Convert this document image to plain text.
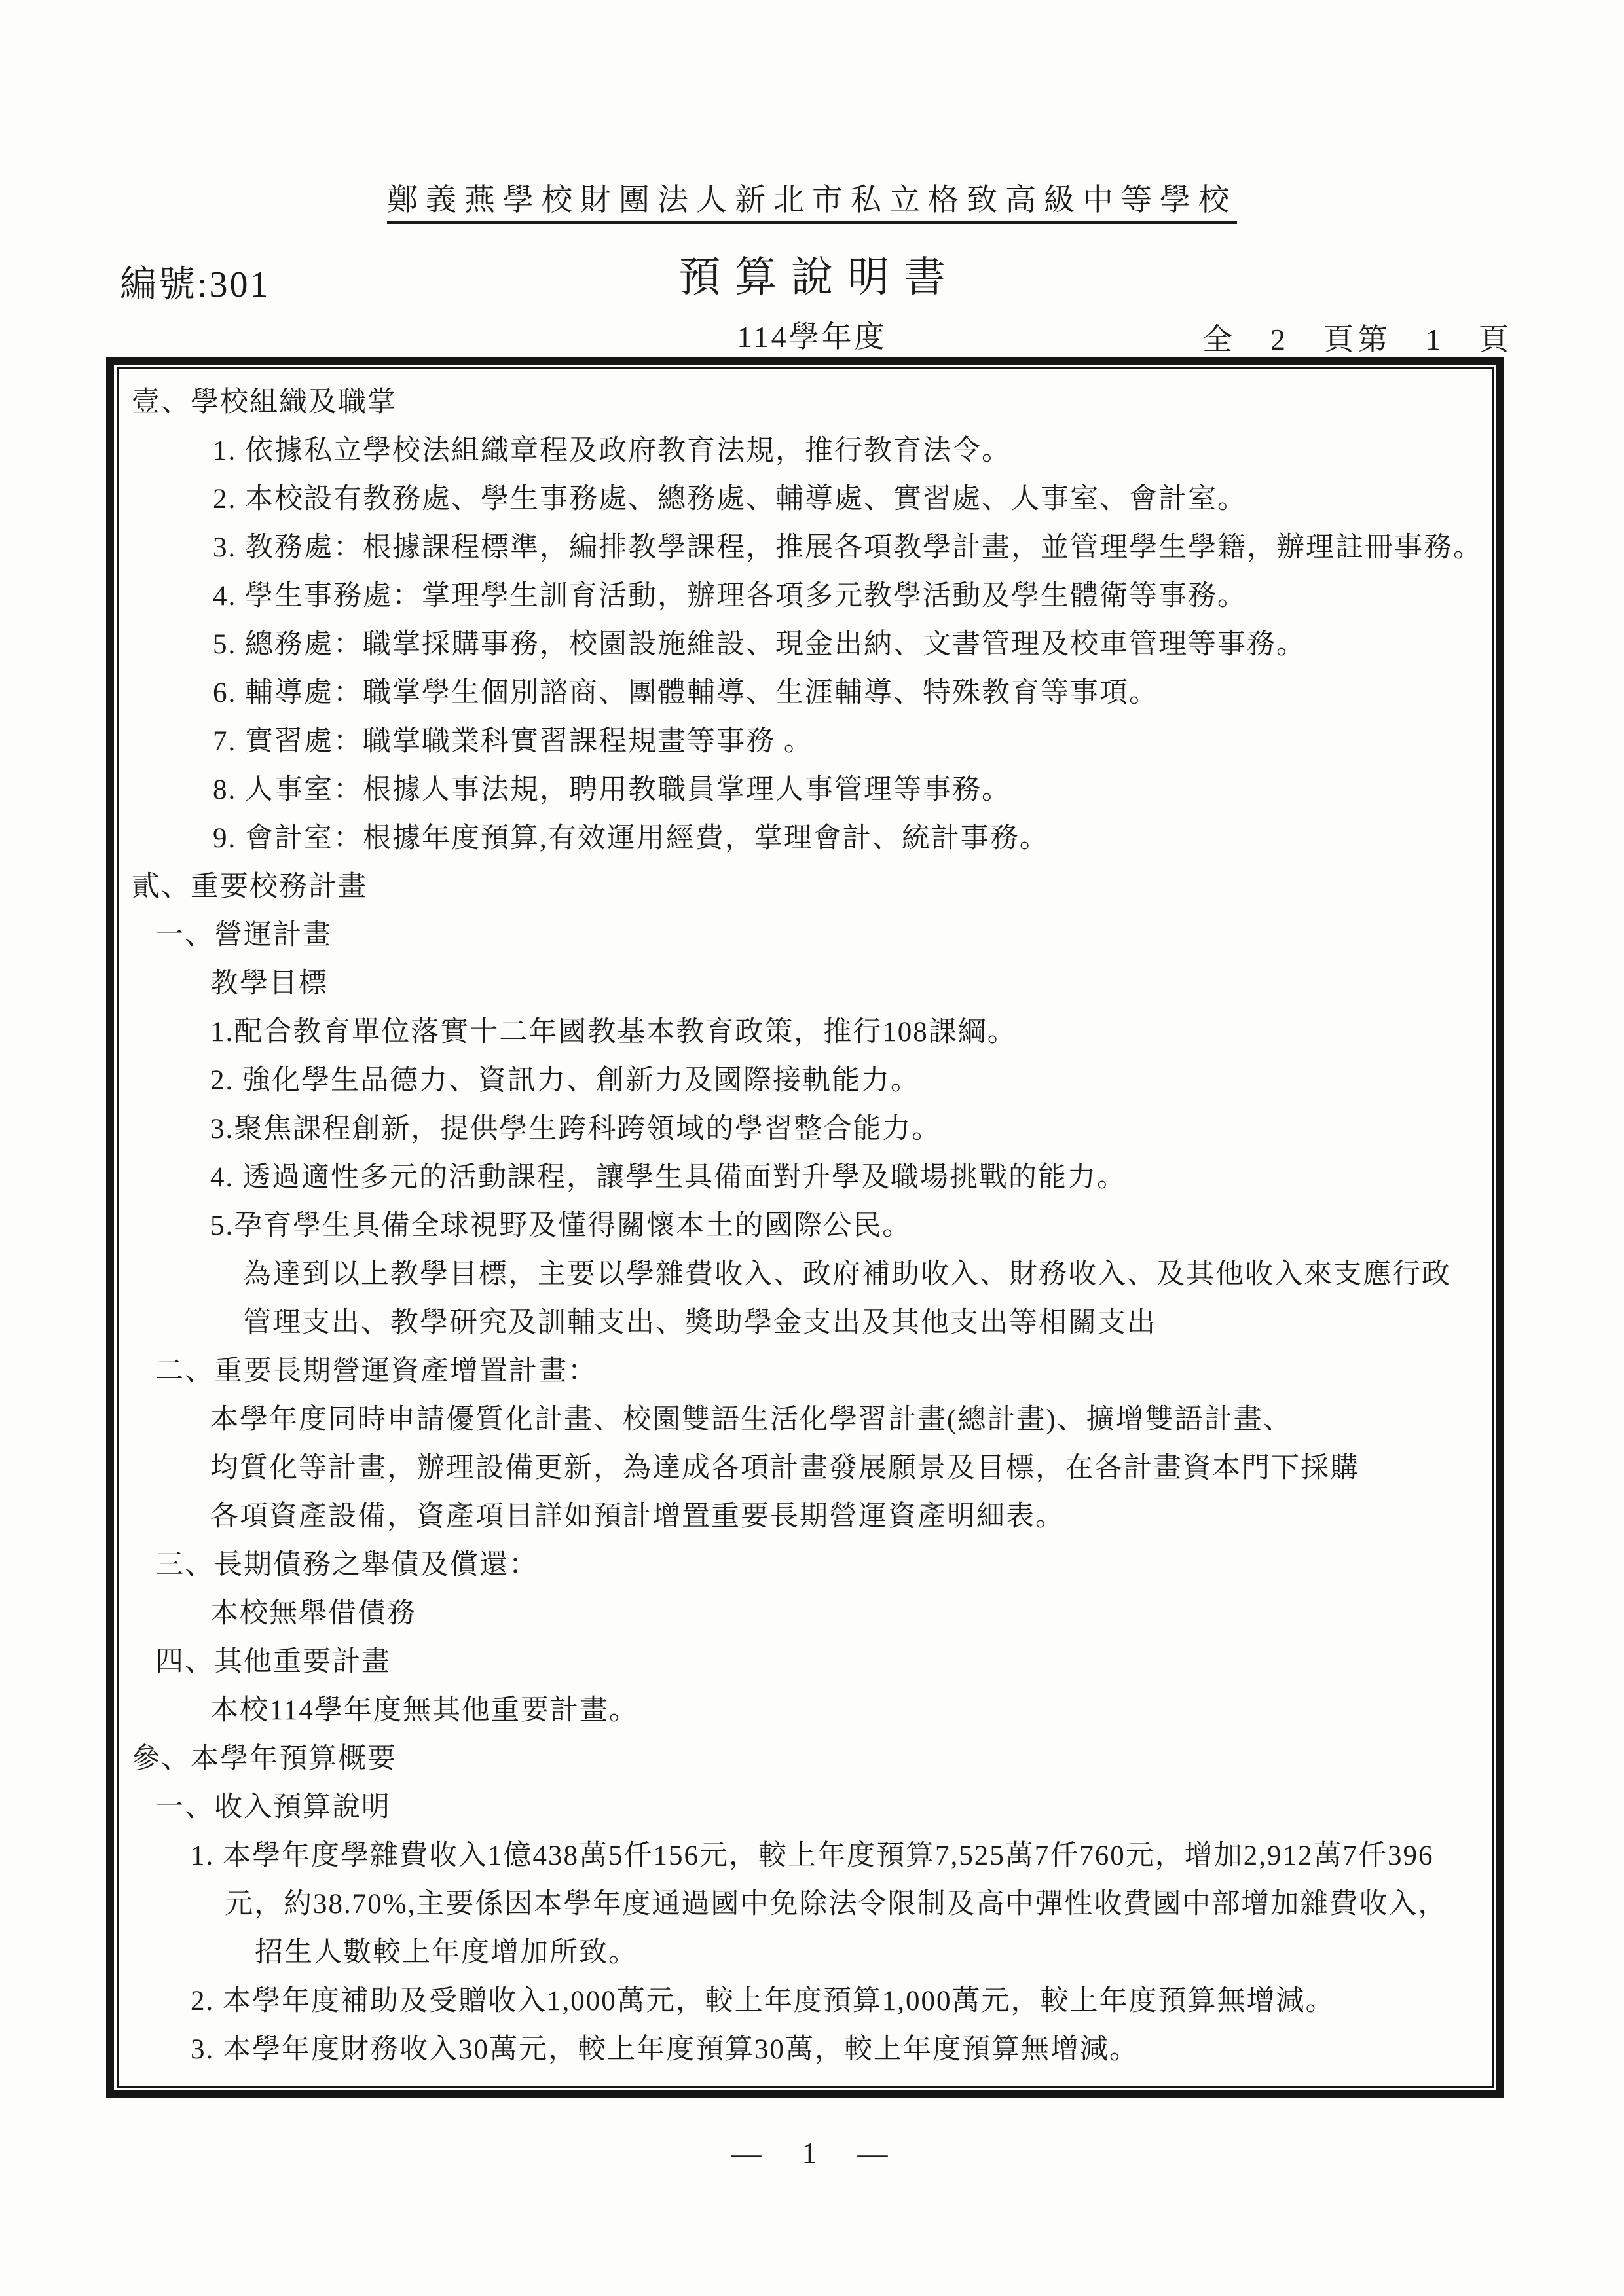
鄭義燕學校財團法人新北市私立格致高級中等學校
編號:301	預算說明書
114學年度	全　2　頁第　1　頁
壹、學校組織及職掌
1. 依據私立學校法組織章程及政府教育法規，推行教育法令。
2. 本校設有教務處、學生事務處、總務處、輔導處、實習處、人事室、會計室。
3. 教務處：根據課程標準，編排教學課程，推展各項教學計畫，並管理學生學籍，辦理註冊事務。
4. 學生事務處：掌理學生訓育活動，辦理各項多元教學活動及學生體衛等事務。
5. 總務處：職掌採購事務，校園設施維設、現金出納、文書管理及校車管理等事務。
6. 輔導處：職掌學生個別諮商、團體輔導、生涯輔導、特殊教育等事項。
7. 實習處：職掌職業科實習課程規畫等事務 。
8. 人事室：根據人事法規，聘用教職員掌理人事管理等事務。
9. 會計室：根據年度預算,有效運用經費，掌理會計、統計事務。
貳、重要校務計畫
一、營運計畫
教學目標
1.配合教育單位落實十二年國教基本教育政策，推行108課綱。
2. 強化學生品德力、資訊力、創新力及國際接軌能力。
3.聚焦課程創新，提供學生跨科跨領域的學習整合能力。
4. 透過適性多元的活動課程，讓學生具備面對升學及職場挑戰的能力。
5.孕育學生具備全球視野及懂得關懷本土的國際公民。
為達到以上教學目標，主要以學雜費收入、政府補助收入、財務收入、及其他收入來支應行政
管理支出、教學研究及訓輔支出、獎助學金支出及其他支出等相關支出
二、重要長期營運資產增置計畫：
本學年度同時申請優質化計畫、校園雙語生活化學習計畫(總計畫)、擴增雙語計畫、
均質化等計畫，辦理設備更新，為達成各項計畫發展願景及目標，在各計畫資本門下採購
各項資產設備，資產項目詳如預計增置重要長期營運資產明細表。
三、長期債務之舉債及償還：
本校無舉借債務
四、其他重要計畫
本校114學年度無其他重要計畫。
參、本學年預算概要
一、收入預算說明
1. 本學年度學雜費收入1億438萬5仟156元，較上年度預算7,525萬7仟760元，增加2,912萬7仟396
元，約38.70%,主要係因本學年度通過國中免除法令限制及高中彈性收費國中部增加雜費收入，
招生人數較上年度增加所致。
2. 本學年度補助及受贈收入1,000萬元，較上年度預算1,000萬元，較上年度預算無增減。
3. 本學年度財務收入30萬元，較上年度預算30萬，較上年度預算無增減。
—　1　—
